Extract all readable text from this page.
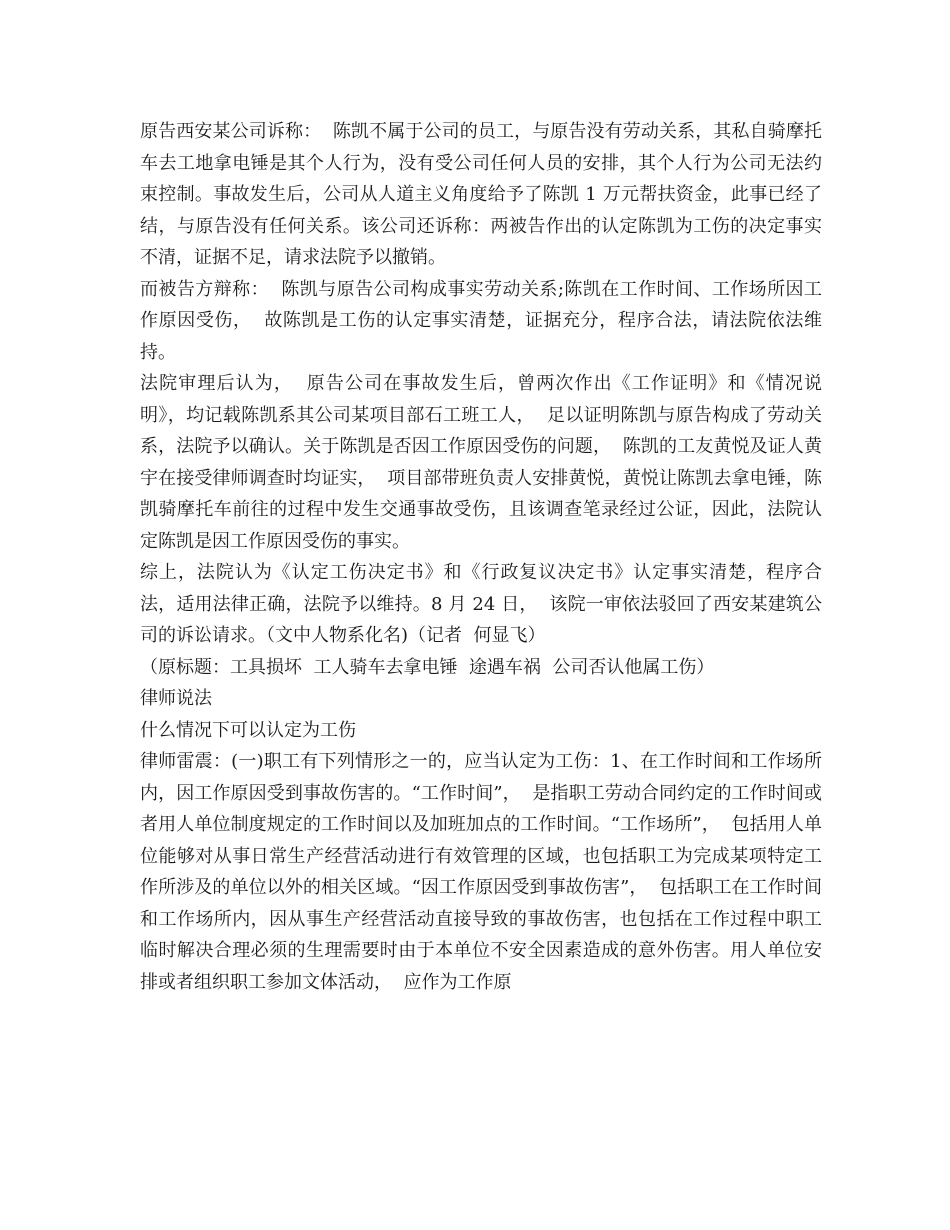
原告西安某公司诉称：  陈凯不属于公司的员工，与原告没有劳动关系，其私自骑摩托车去工地拿电锤是其个人行为，没有受公司任何人员的安排，其个人行为公司无法约束控制。事故发生后，公司从人道主义角度给予了陈凯 1 万元帮扶资金，此事已经了结，与原告没有任何关系。该公司还诉称：两被告作出的认定陈凯为工伤的决定事实不清，证据不足，请求法院予以撤销。

而被告方辩称：  陈凯与原告公司构成事实劳动关系;陈凯在工作时间、工作场所因工作原因受伤，  故陈凯是工伤的认定事实清楚，证据充分，程序合法，请法院依法维持。

法院审理后认为，  原告公司在事故发生后，曾两次作出《工作证明》和《情况说明》，均记载陈凯系其公司某项目部石工班工人，  足以证明陈凯与原告构成了劳动关系，法院予以确认。关于陈凯是否因工作原因受伤的问题，  陈凯的工友黄悦及证人黄宇在接受律师调查时均证实，  项目部带班负责人安排黄悦，黄悦让陈凯去拿电锤，陈凯骑摩托车前往的过程中发生交通事故受伤，且该调查笔录经过公证，因此，法院认定陈凯是因工作原因受伤的事实。

综上，法院认为《认定工伤决定书》和《行政复议决定书》认定事实清楚，程序合法，适用法律正确，法院予以维持。8 月 24 日，  该院一审依法驳回了西安某建筑公司的诉讼请求。（文中人物系化名)（记者  何显飞）

（原标题：工具损坏  工人骑车去拿电锤  途遇车祸  公司否认他属工伤）

律师说法

什么情况下可以认定为工伤

律师雷震：(一)职工有下列情形之一的，应当认定为工伤：1、在工作时间和工作场所内，因工作原因受到事故伤害的。“工作时间”，  是指职工劳动合同约定的工作时间或者用人单位制度规定的工作时间以及加班加点的工作时间。“工作场所”，  包括用人单位能够对从事日常生产经营活动进行有效管理的区域，也包括职工为完成某项特定工作所涉及的单位以外的相关区域。“因工作原因受到事故伤害”，  包括职工在工作时间和工作场所内，因从事生产经营活动直接导致的事故伤害，也包括在工作过程中职工临时解决合理必须的生理需要时由于本单位不安全因素造成的意外伤害。用人单位安排或者组织职工参加文体活动，  应作为工作原
